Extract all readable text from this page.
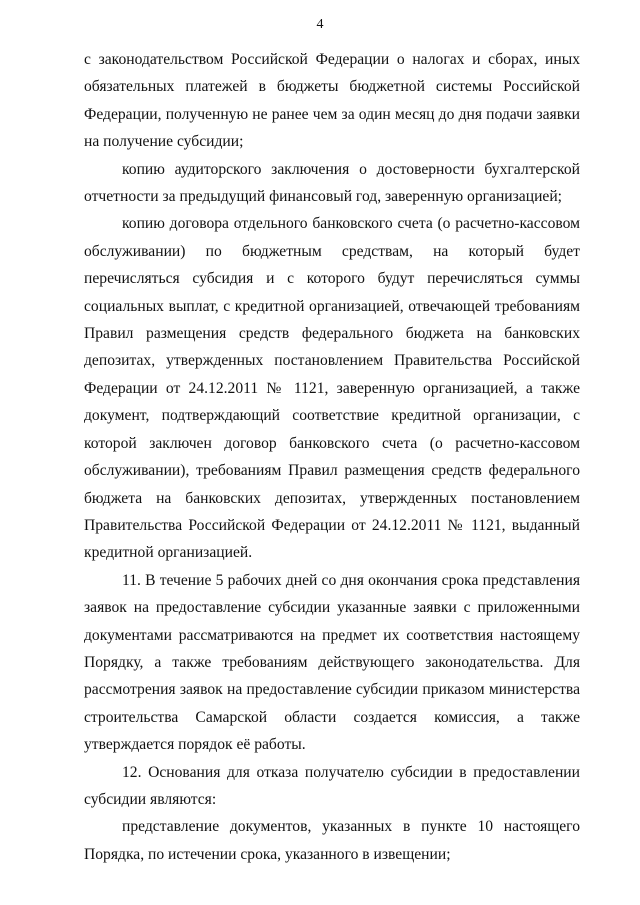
4

с законодательством Российской Федерации о налогах и сборах, иных обязательных платежей в бюджеты бюджетной системы Российской Федерации, полученную не ранее чем за один месяц до дня подачи заявки на получение субсидии;

копию аудиторского заключения о достоверности бухгалтерской отчетности за предыдущий финансовый год, заверенную организацией;

копию договора отдельного банковского счета (о расчетно-кассовом обслуживании) по бюджетным средствам, на который будет перечисляться субсидия и с которого будут перечисляться суммы социальных выплат, с кредитной организацией, отвечающей требованиям Правил размещения средств федерального бюджета на банковских депозитах, утвержденных постановлением Правительства Российской Федерации от 24.12.2011 № 1121, заверенную организацией, а также документ, подтверждающий соответствие кредитной организации, с которой заключен договор банковского счета (о расчетно-кассовом обслуживании), требованиям Правил размещения средств федерального бюджета на банковских депозитах, утвержденных постановлением Правительства Российской Федерации от 24.12.2011 № 1121, выданный кредитной организацией.

11. В течение 5 рабочих дней со дня окончания срока представления заявок на предоставление субсидии указанные заявки с приложенными документами рассматриваются на предмет их соответствия настоящему Порядку, а также требованиям действующего законодательства. Для рассмотрения заявок на предоставление субсидии приказом министерства строительства Самарской области создается комиссия, а также утверждается порядок её работы.

12. Основания для отказа получателю субсидии в предоставлении субсидии являются:

представление документов, указанных в пункте 10 настоящего Порядка, по истечении срока, указанного в извещении;
